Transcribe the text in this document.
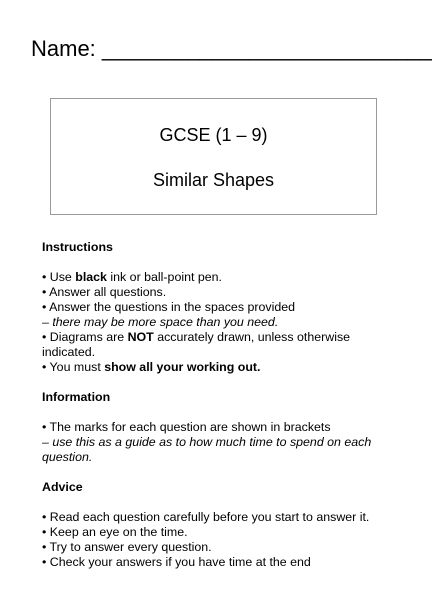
Name: ___________________________
GCSE (1 – 9)
Similar Shapes

Instructions

• Use black ink or ball-point pen.

• Answer all questions.

• Answer the questions in the spaces provided

– there may be more space than you need.

• Diagrams are NOT accurately drawn, unless otherwise indicated.

• You must show all your working out.

Information

• The marks for each question are shown in brackets

– use this as a guide as to how much time to spend on each question.

Advice

• Read each question carefully before you start to answer it.

• Keep an eye on the time.

• Try to answer every question.

• Check your answers if you have time at the end
